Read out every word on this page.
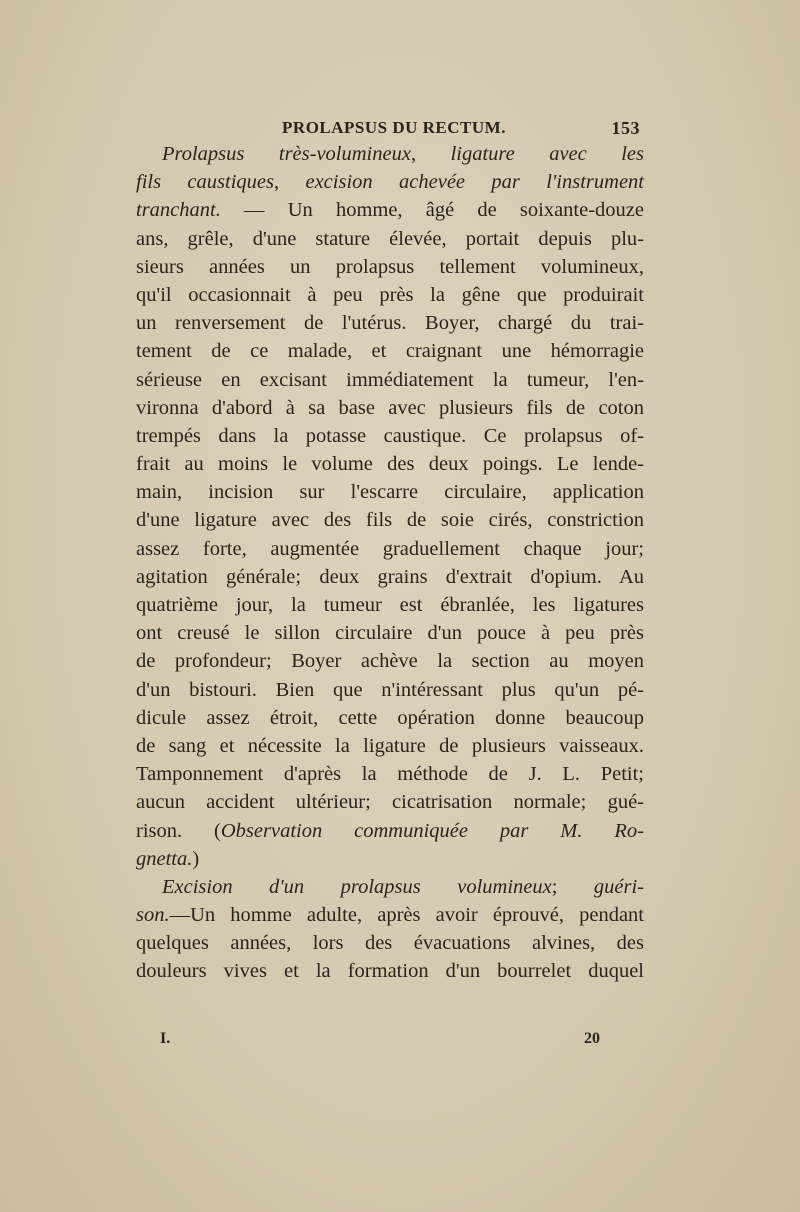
PROLAPSUS DU RECTUM.	153
Prolapsus très-volumineux, ligature avec les
fils caustiques, excision achevée par l'instrument
tranchant. — Un homme, âgé de soixante-douze
ans, grêle, d'une stature élevée, portait depuis plu-
sieurs années un prolapsus tellement volumineux,
qu'il occasionnait à peu près la gêne que produirait
un renversement de l'utérus. Boyer, chargé du trai-
tement de ce malade, et craignant une hémorragie
sérieuse en excisant immédiatement la tumeur, l'en-
vironna d'abord à sa base avec plusieurs fils de coton
trempés dans la potasse caustique. Ce prolapsus of-
frait au moins le volume des deux poings. Le lende-
main, incision sur l'escarre circulaire, application
d'une ligature avec des fils de soie cirés, constriction
assez forte, augmentée graduellement chaque jour;
agitation générale; deux grains d'extrait d'opium. Au
quatrième jour, la tumeur est ébranlée, les ligatures
ont creusé le sillon circulaire d'un pouce à peu près
de profondeur; Boyer achève la section au moyen
d'un bistouri. Bien que n'intéressant plus qu'un pé-
dicule assez étroit, cette opération donne beaucoup
de sang et nécessite la ligature de plusieurs vaisseaux.
Tamponnement d'après la méthode de J. L. Petit;
aucun accident ultérieur; cicatrisation normale; gué-
rison. (Observation communiquée par M. Ro-
gnetta.)
Excision d'un prolapsus volumineux; guéri-
son.—Un homme adulte, après avoir éprouvé, pendant
quelques années, lors des évacuations alvines, des
douleurs vives et la formation d'un bourrelet duquel
I.	20
